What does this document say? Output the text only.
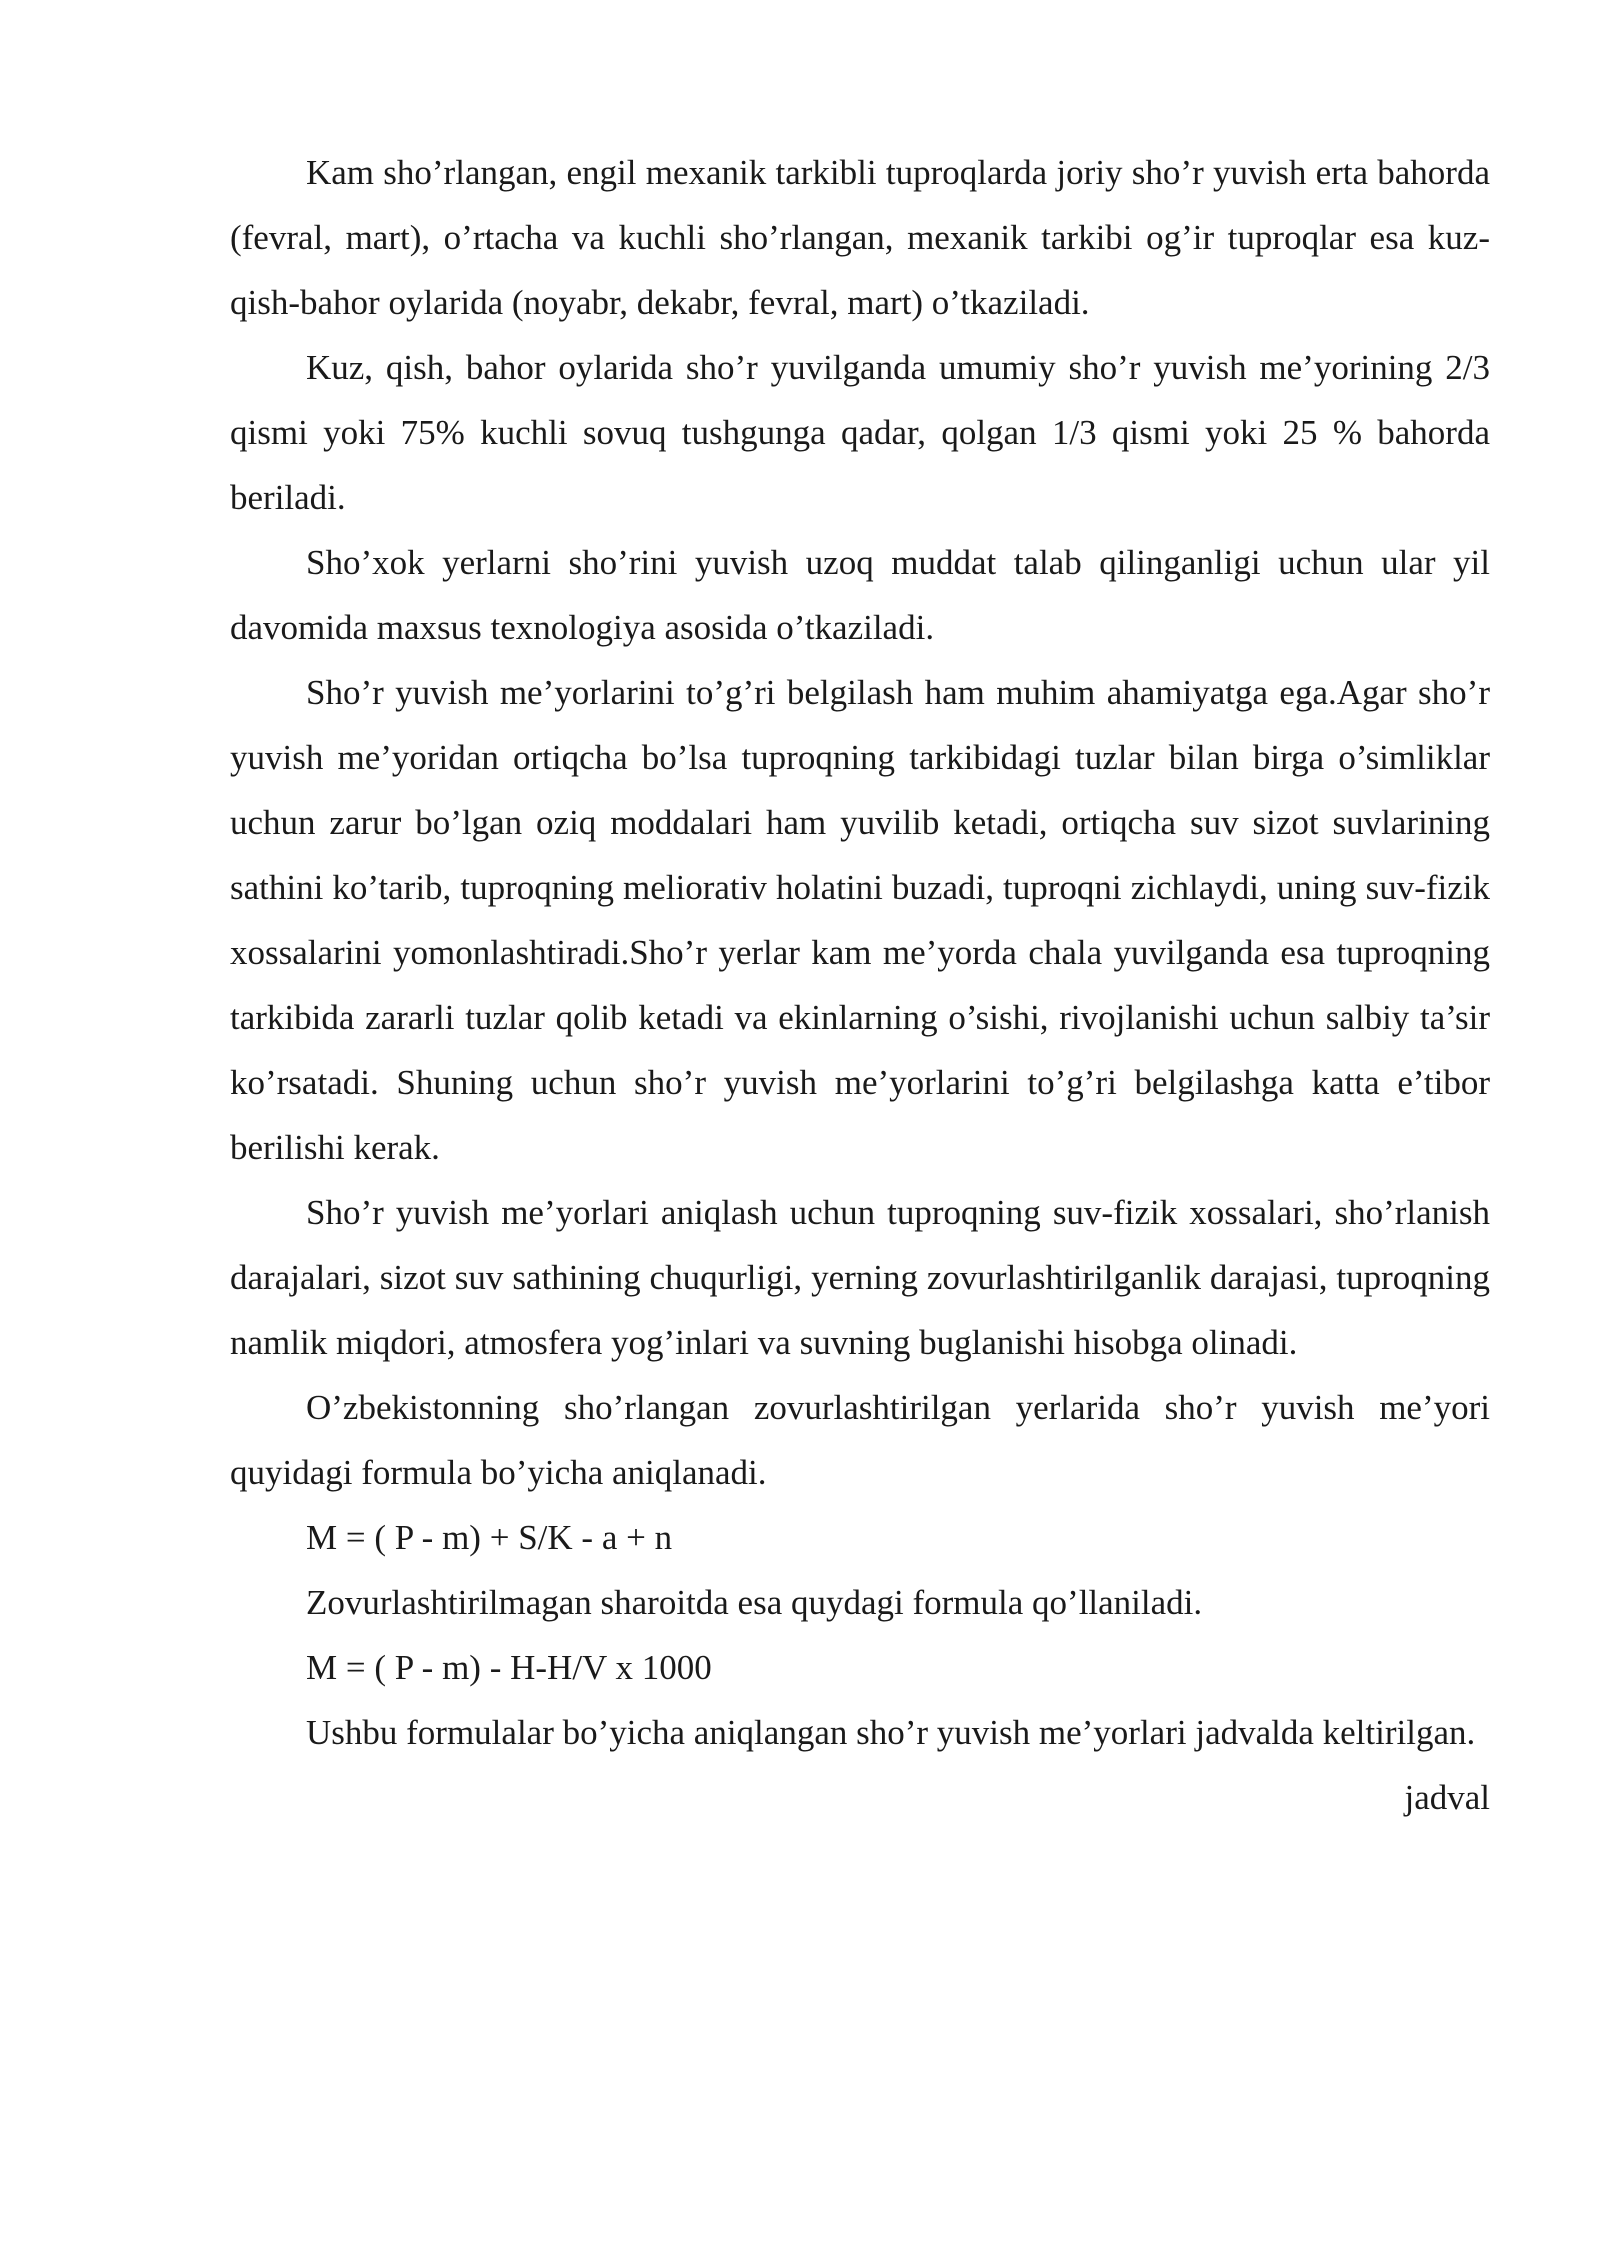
Kam sho’rlangan, engil mexanik tarkibli tuproqlarda joriy sho’r yuvish erta bahorda (fevral, mart), o’rtacha va kuchli sho’rlangan, mexanik tarkibi og’ir tuproqlar esa kuz-qish-bahor oylarida (noyabr, dekabr, fevral, mart) o’tkaziladi.

Kuz, qish, bahor oylarida sho’r yuvilganda umumiy sho’r yuvish me’yorining 2/3 qismi yoki 75% kuchli sovuq tushgunga qadar, qolgan 1/3 qismi yoki 25 % bahorda beriladi.

Sho’xok yerlarni sho’rini yuvish uzoq muddat talab qilinganligi uchun ular yil davomida maxsus texnologiya asosida o’tkaziladi.

Sho’r yuvish me’yorlarini to’g’ri belgilash ham muhim ahamiyatga ega.Agar sho’r yuvish me’yoridan ortiqcha bo’lsa tuproqning tarkibidagi tuzlar bilan birga o’simliklar uchun zarur bo’lgan oziq moddalari ham yuvilib ketadi, ortiqcha suv sizot suvlarining sathini ko’tarib, tuproqning meliorativ holatini buzadi, tuproqni zichlaydi, uning suv-fizik xossalarini yomonlashtiradi.Sho’r yerlar kam me’yorda chala yuvilganda esa tuproqning tarkibida zararli tuzlar qolib ketadi va ekinlarning o’sishi, rivojlanishi uchun salbiy ta’sir ko’rsatadi. Shuning uchun sho’r yuvish me’yorlarini to’g’ri belgilashga katta e’tibor berilishi kerak.

Sho’r yuvish me’yorlari aniqlash uchun tuproqning suv-fizik xossalari, sho’rlanish darajalari, sizot suv sathining chuqurligi, yerning zovurlashtirilganlik darajasi, tuproqning namlik miqdori, atmosfera yog’inlari va suvning buglanishi hisobga olinadi.

O’zbekistonning sho’rlangan zovurlashtirilgan yerlarida sho’r yuvish me’yori quyidagi formula bo’yicha aniqlanadi.

M = ( P - m) + S/K - a + n

Zovurlashtirilmagan sharoitda esa quydagi formula qo’llaniladi.

M = ( P - m) - H-H/V x 1000

Ushbu formulalar bo’yicha aniqlangan sho’r yuvish me’yorlari jadvalda keltirilgan.

jadval
